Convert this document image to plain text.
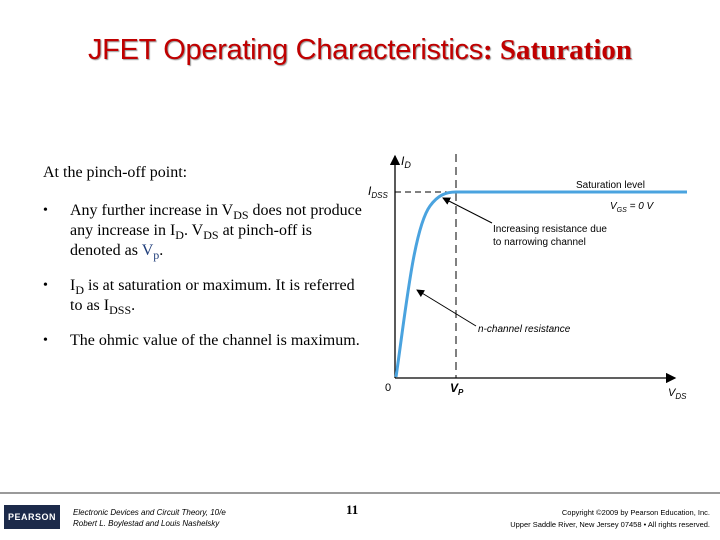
JFET Operating Characteristics: Saturation
At the pinch-off point:
• Any further increase in $V_{DS}$ does not produce any increase in $I_D$. $V_{DS}$ at pinch-off is denoted as $V_p$.
• $I_D$ is at saturation or maximum. It is referred to as $I_{DSS}$.
• The ohmic value of the channel is maximum.
$I_D$
$I_{DSS}$
0	$V_P$	$V_{DS}$
Saturation level
$V_{GS} = 0$ V
Increasing resistance due
to narrowing channel
n-channel resistance
PEARSON	Electronic Devices and Circuit Theory, 10/e
Robert L. Boylestad and Louis Nashelsky
11	Copyright ©2009 by Pearson Education, Inc.
Upper Saddle River, New Jersey 07458 • All rights reserved.
